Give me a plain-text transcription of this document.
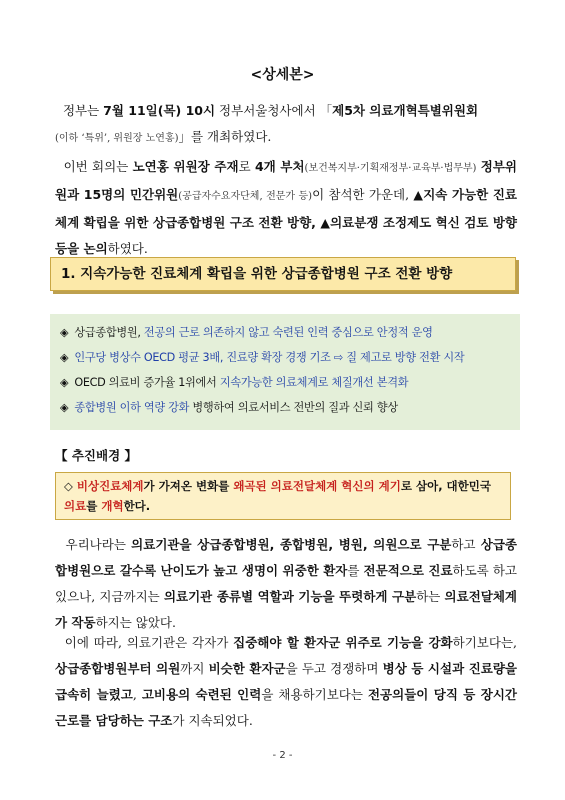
<상세본>
정부는 7월 11일(목) 10시 정부서울청사에서 「제5차 의료개혁특별위원회
(이하 ‘특위’, 위원장 노연홍)」를 개최하였다.
이번 회의는 노연홍 위원장 주재로 4개 부처(보건복지부·기획재정부·교육부·법무부) 정부위원과 15명의 민간위원(공급자수요자단체, 전문가 등)이 참석한 가운데, ▲지속 가능한 진료체계 확립을 위한 상급종합병원 구조 전환 방향, ▲의료분쟁 조정제도 혁신 검토 방향 등을 논의하였다.
1. 지속가능한 진료체계 확립을 위한 상급종합병원 구조 전환 방향
◈ 상급종합병원, 전공의 근로 의존하지 않고 숙련된 인력 중심으로 안정적 운영
◈ 인구당 병상수 OECD 평균 3배, 진료량 확장 경쟁 기조 ⇨ 질 제고로 방향 전환 시작
◈ OECD 의료비 증가율 1위에서 지속가능한 의료체계로 체질개선 본격화
◈ 종합병원 이하 역량 강화 병행하여 의료서비스 전반의 질과 신뢰 향상
【 추진배경 】
◇ 비상진료체계가 가져온 변화를 왜곡된 의료전달체계 혁신의 계기로 삼아, 대한민국 의료를 개혁한다.
우리나라는 의료기관을 상급종합병원, 종합병원, 병원, 의원으로 구분하고 상급종합병원으로 갈수록 난이도가 높고 생명이 위중한 환자를 전문적으로 진료하도록 하고 있으나, 지금까지는 의료기관 종류별 역할과 기능을 뚜렷하게 구분하는 의료전달체계가 작동하지는 않았다.
이에 따라, 의료기관은 각자가 집중해야 할 환자군 위주로 기능을 강화하기보다는, 상급종합병원부터 의원까지 비슷한 환자군을 두고 경쟁하며 병상 등 시설과 진료량을 급속히 늘렸고, 고비용의 숙련된 인력을 채용하기보다는 전공의들이 당직 등 장시간 근로를 담당하는 구조가 지속되었다.
- 2 -
